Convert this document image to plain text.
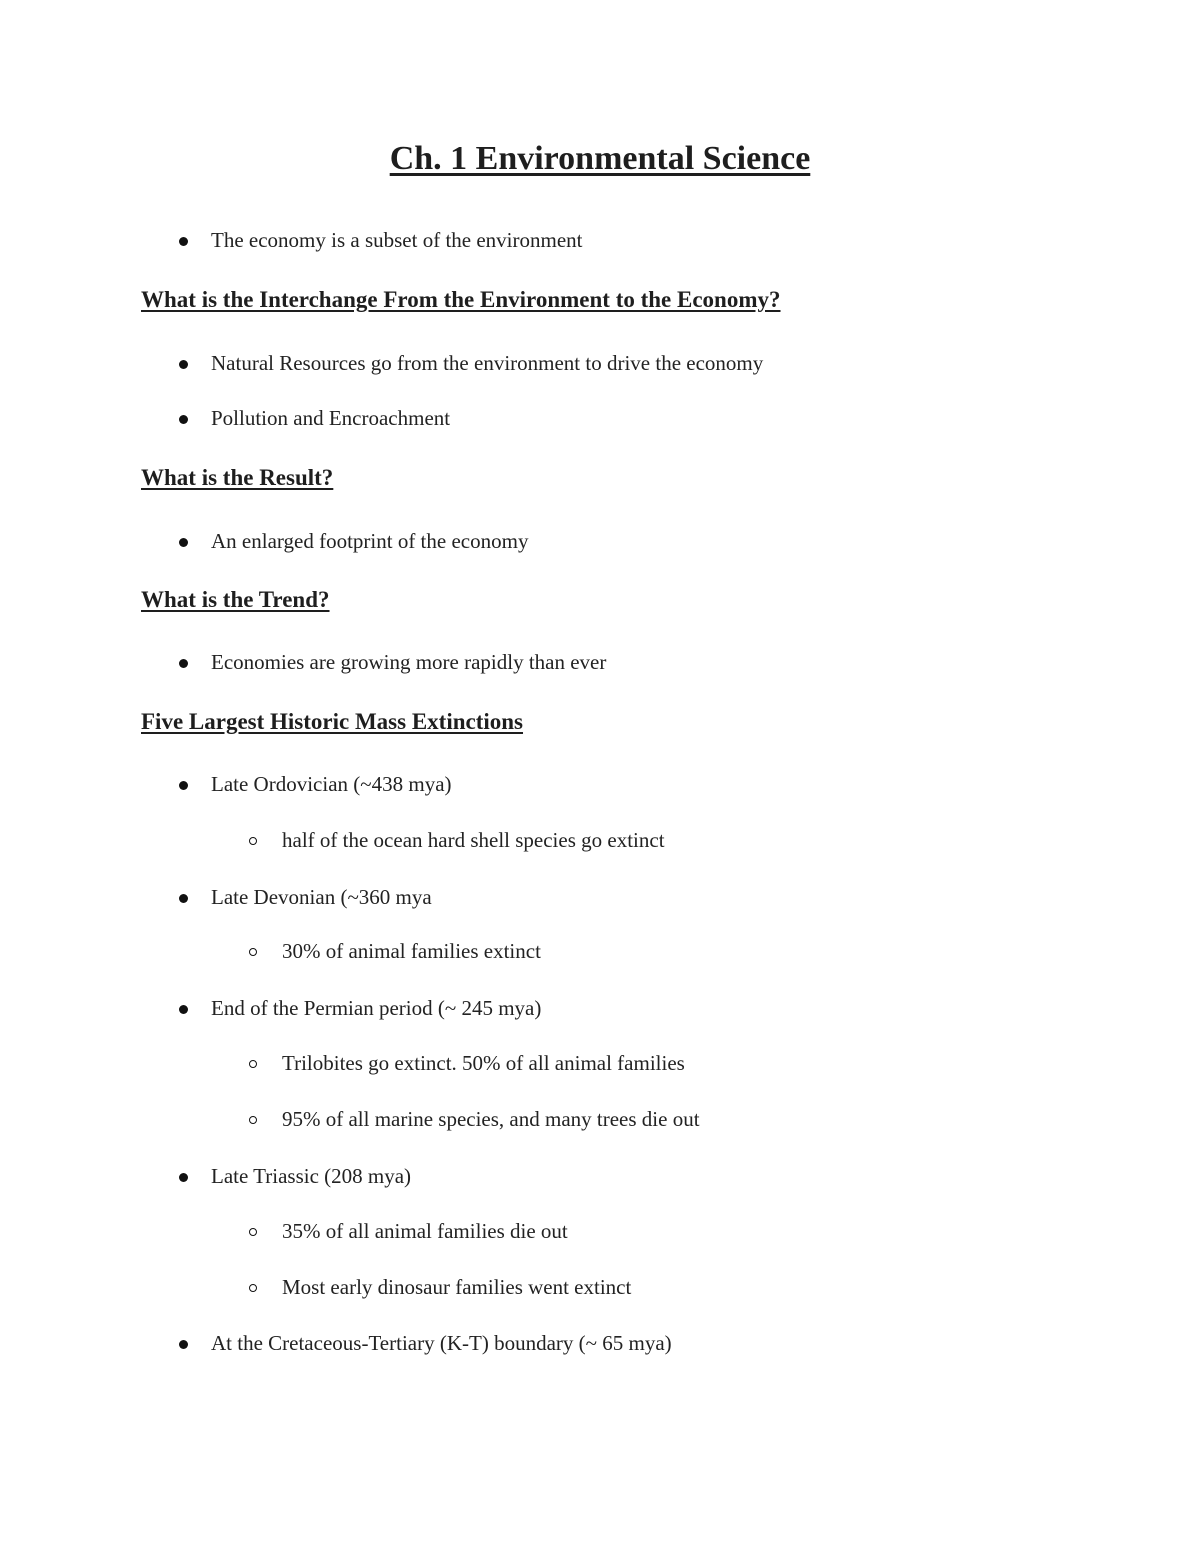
Ch. 1 Environmental Science
The economy is a subset of the environment
What is the Interchange From the Environment to the Economy?
Natural Resources go from the environment to drive the economy
Pollution and Encroachment
What is the Result?
An enlarged footprint of the economy
What is the Trend?
Economies are growing more rapidly than ever
Five Largest Historic Mass Extinctions
Late Ordovician (~438 mya)
half of the ocean hard shell species go extinct
Late Devonian (~360 mya
30% of animal families extinct
End of the Permian period (~ 245 mya)
Trilobites go extinct. 50% of all animal families
95% of all marine species, and many trees die out
Late Triassic (208 mya)
35% of all animal families die out
Most early dinosaur families went extinct
At the Cretaceous-Tertiary (K-T) boundary (~ 65 mya)
